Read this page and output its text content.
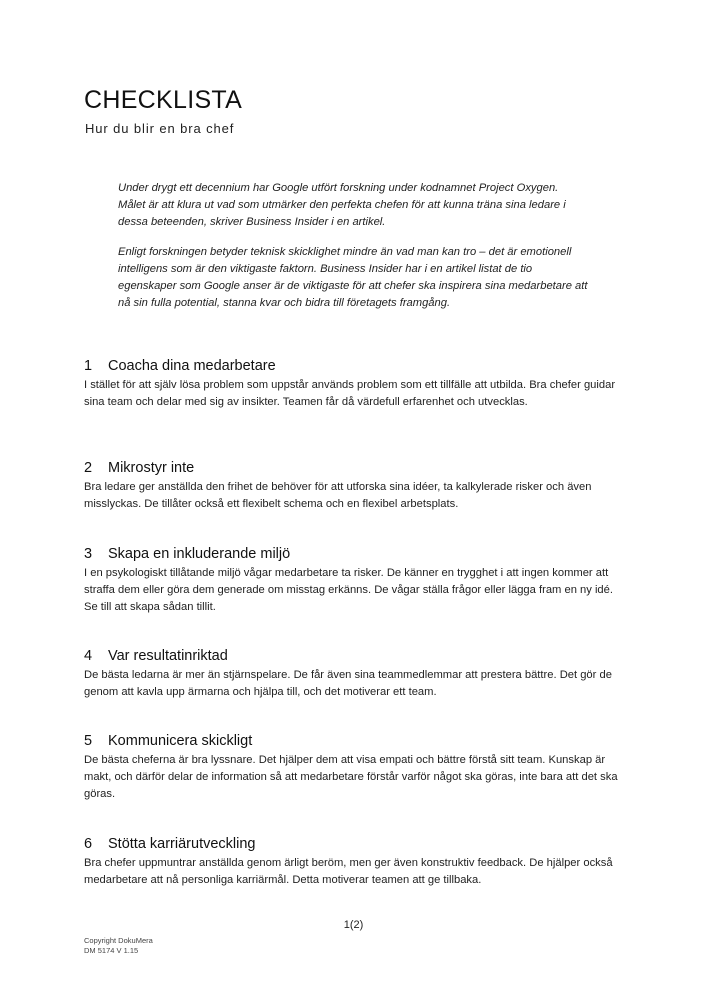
CHECKLISTA
Hur du blir en bra chef

Under drygt ett decennium har Google utfört forskning under kodnamnet Project Oxygen. Målet är att klura ut vad som utmärker den perfekta chefen för att kunna träna sina ledare i dessa beteenden, skriver Business Insider i en artikel.

Enligt forskningen betyder teknisk skicklighet mindre än vad man kan tro – det är emotionell intelligens som är den viktigaste faktorn. Business Insider har i en artikel listat de tio egenskaper som Google anser är de viktigaste för att chefer ska inspirera sina medarbetare att nå sin fulla potential, stanna kvar och bidra till företagets framgång.

1 Coacha dina medarbetare

I stället för att själv lösa problem som uppstår används problem som ett tillfälle att utbilda. Bra chefer guidar sina team och delar med sig av insikter. Teamen får då värdefull erfarenhet och utvecklas.

2 Mikrostyr inte

Bra ledare ger anställda den frihet de behöver för att utforska sina idéer, ta kalkylerade risker och även misslyckas. De tillåter också ett flexibelt schema och en flexibel arbetsplats.

3 Skapa en inkluderande miljö

I en psykologiskt tillåtande miljö vågar medarbetare ta risker. De känner en trygghet i att ingen kommer att straffa dem eller göra dem generade om misstag erkänns. De vågar ställa frågor eller lägga fram en ny idé. Se till att skapa sådan tillit.

4 Var resultatinriktad

De bästa ledarna är mer än stjärnspelare. De får även sina teammedlemmar att prestera bättre. Det gör de genom att kavla upp ärmarna och hjälpa till, och det motiverar ett team.

5 Kommunicera skickligt

De bästa cheferna är bra lyssnare. Det hjälper dem att visa empati och bättre förstå sitt team. Kunskap är makt, och därför delar de information så att medarbetare förstår varför något ska göras, inte bara att det ska göras.

6 Stötta karriärutveckling

Bra chefer uppmuntrar anställda genom ärligt beröm, men ger även konstruktiv feedback. De hjälper också medarbetare att nå personliga karriärmål. Detta motiverar teamen att ge tillbaka.

1(2)
Copyright DokuMera
DM 5174 V 1.15
